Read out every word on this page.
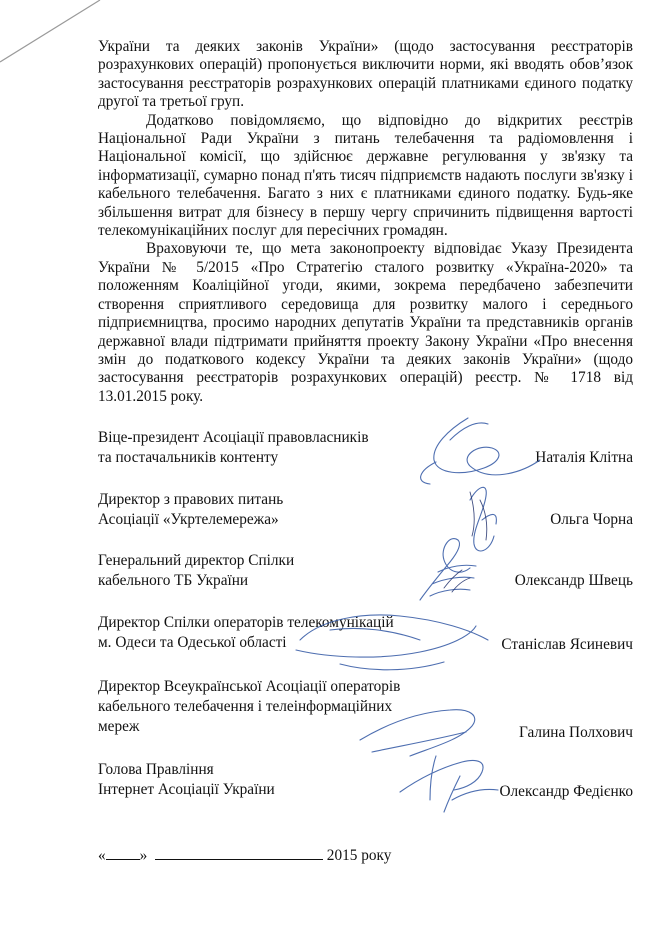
України та деяких законів України» (щодо застосування реєстраторів розрахункових операцій) пропонується виключити норми, які вводять обов’язок застосування реєстраторів розрахункових операцій платниками єдиного податку другої та третьої груп.

Додатково повідомляємо, що відповідно до відкритих реєстрів Національної Ради України з питань телебачення та радіомовлення і Національної комісії, що здійснює державне регулювання у зв'язку та інформатизації, сумарно понад п'ять тисяч підприємств надають послуги зв'язку і кабельного телебачення. Багато з них є платниками єдиного податку. Будь-яке збільшення витрат для бізнесу в першу чергу спричинить підвищення вартості телекомунікаційних послуг для пересічних громадян.

Враховуючи те, що мета законопроекту відповідає Указу Президента України № 5/2015 «Про Стратегію сталого розвитку «Україна-2020» та положенням Коаліційної угоди, якими, зокрема передбачено забезпечити створення сприятливого середовища для розвитку малого і середнього підприємництва, просимо народних депутатів України та представників органів державної влади підтримати прийняття проекту Закону України «Про внесення змін до податкового кодексу України та деяких законів України» (щодо застосування реєстраторів розрахункових операцій) реєстр. № 1718 від 13.01.2015 року.

Віце-президент Асоціації правовласників
та постачальників контенту	Наталія Клітна
Директор з правових питань
Асоціації «Укртелемережа»	Ольга Чорна
Генеральний директор Спілки
кабельного ТБ України	Олександр Швець
Директор Спілки операторів телекомунікацій
м. Одеси та Одеської області	Станіслав Ясиневич
Директор Всеукраїнської Асоціації операторів
кабельного телебачення і телеінформаційних
мереж	Галина Полхович
Голова Правління
Інтернет Асоціації України	Олександр Федієнко
« »	2015 року
